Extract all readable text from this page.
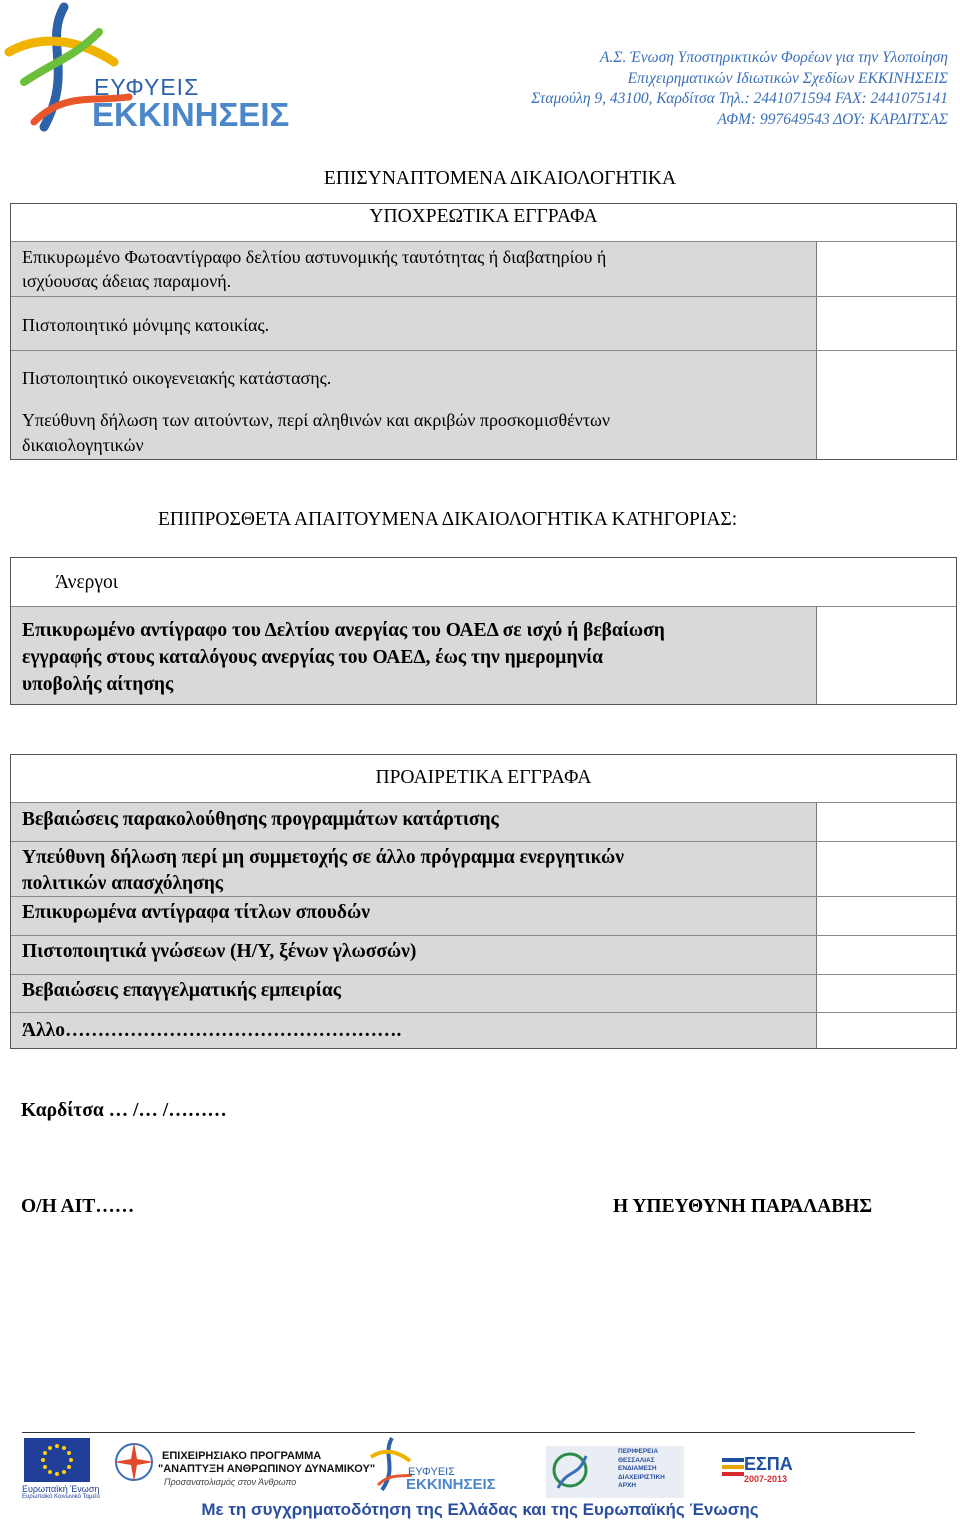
ΕΥΦΥΕΙΣ
ΕΚΚΙΝΗΣΕΙΣ
Α.Σ. Ένωση Υποστηρικτικών Φορέων για την Υλοποίηση
Επιχειρηματικών Ιδιωτικών Σχεδίων ΕΚΚΙΝΗΣΕΙΣ
Σταμούλη 9, 43100, Καρδίτσα Τηλ.: 2441071594 FAX: 2441075141
ΑΦΜ: 997649543 ΔΟΥ: ΚΑΡΔΙΤΣΑΣ
ΕΠΙΣΥΝΑΠΤΟΜΕΝΑ ΔΙΚΑΙΟΛΟΓΗΤΙΚΑ
ΥΠΟΧΡΕΩΤΙΚΑ ΕΓΓΡΑΦΑ
Επικυρωμένο Φωτοαντίγραφο δελτίου αστυνομικής ταυτότητας ή διαβατηρίου ή
ισχύουσας άδειας παραμονή.
Πιστοποιητικό μόνιμης κατοικίας.
Πιστοποιητικό οικογενειακής κατάστασης.
Υπεύθυνη δήλωση των αιτούντων, περί αληθινών και ακριβών προσκομισθέντων
δικαιολογητικών
ΕΠΙΠΡΟΣΘΕΤΑ ΑΠΑΙΤΟΥΜΕΝΑ ΔΙΚΑΙΟΛΟΓΗΤΙΚΑ ΚΑΤΗΓΟΡΙΑΣ:
Άνεργοι
Επικυρωμένο αντίγραφο του Δελτίου ανεργίας του ΟΑΕΔ σε ισχύ ή βεβαίωση
εγγραφής στους καταλόγους ανεργίας του ΟΑΕΔ, έως την ημερομηνία
υποβολής αίτησης
ΠΡΟΑΙΡΕΤΙΚΑ ΕΓΓΡΑΦΑ
Βεβαιώσεις παρακολούθησης προγραμμάτων κατάρτισης
Υπεύθυνη δήλωση περί μη συμμετοχής σε άλλο πρόγραμμα ενεργητικών
πολιτικών απασχόλησης
Επικυρωμένα αντίγραφα τίτλων σπουδών
Πιστοποιητικά γνώσεων (Η/Υ, ξένων γλωσσών)
Βεβαιώσεις επαγγελματικής εμπειρίας
Άλλο…………………………………………….
Καρδίτσα … /… /………
Ο/Η ΑΙΤ……	Η ΥΠΕΥΘΥΝΗ ΠΑΡΑΛΑΒΗΣ
Ευρωπαϊκή Ένωση
Ευρωπαϊκό Κοινωνικό Ταμείο
ΕΠΙΧΕΙΡΗΣΙΑΚΟ ΠΡΟΓΡΑΜΜΑ
"ΑΝΑΠΤΥΞΗ ΑΝΘΡΩΠΙΝΟΥ ΔΥΝΑΜΙΚΟΥ"
Προσανατολισμός στον Άνθρωπο
ΕΥΦΥΕΙΣ
ΕΚΚΙΝΗΣΕΙΣ
ΠΕΡΙΦΕΡΕΙΑ
ΘΕΣΣΑΛΙΑΣ
ΕΝΔΙΑΜΕΣΗ
ΔΙΑΧΕΙΡΙΣΤΙΚΗ
ΑΡΧΗ
ΕΣΠΑ
2007-2013
Με τη συγχρηματοδότηση της Ελλάδας και της Ευρωπαϊκής Ένωσης
